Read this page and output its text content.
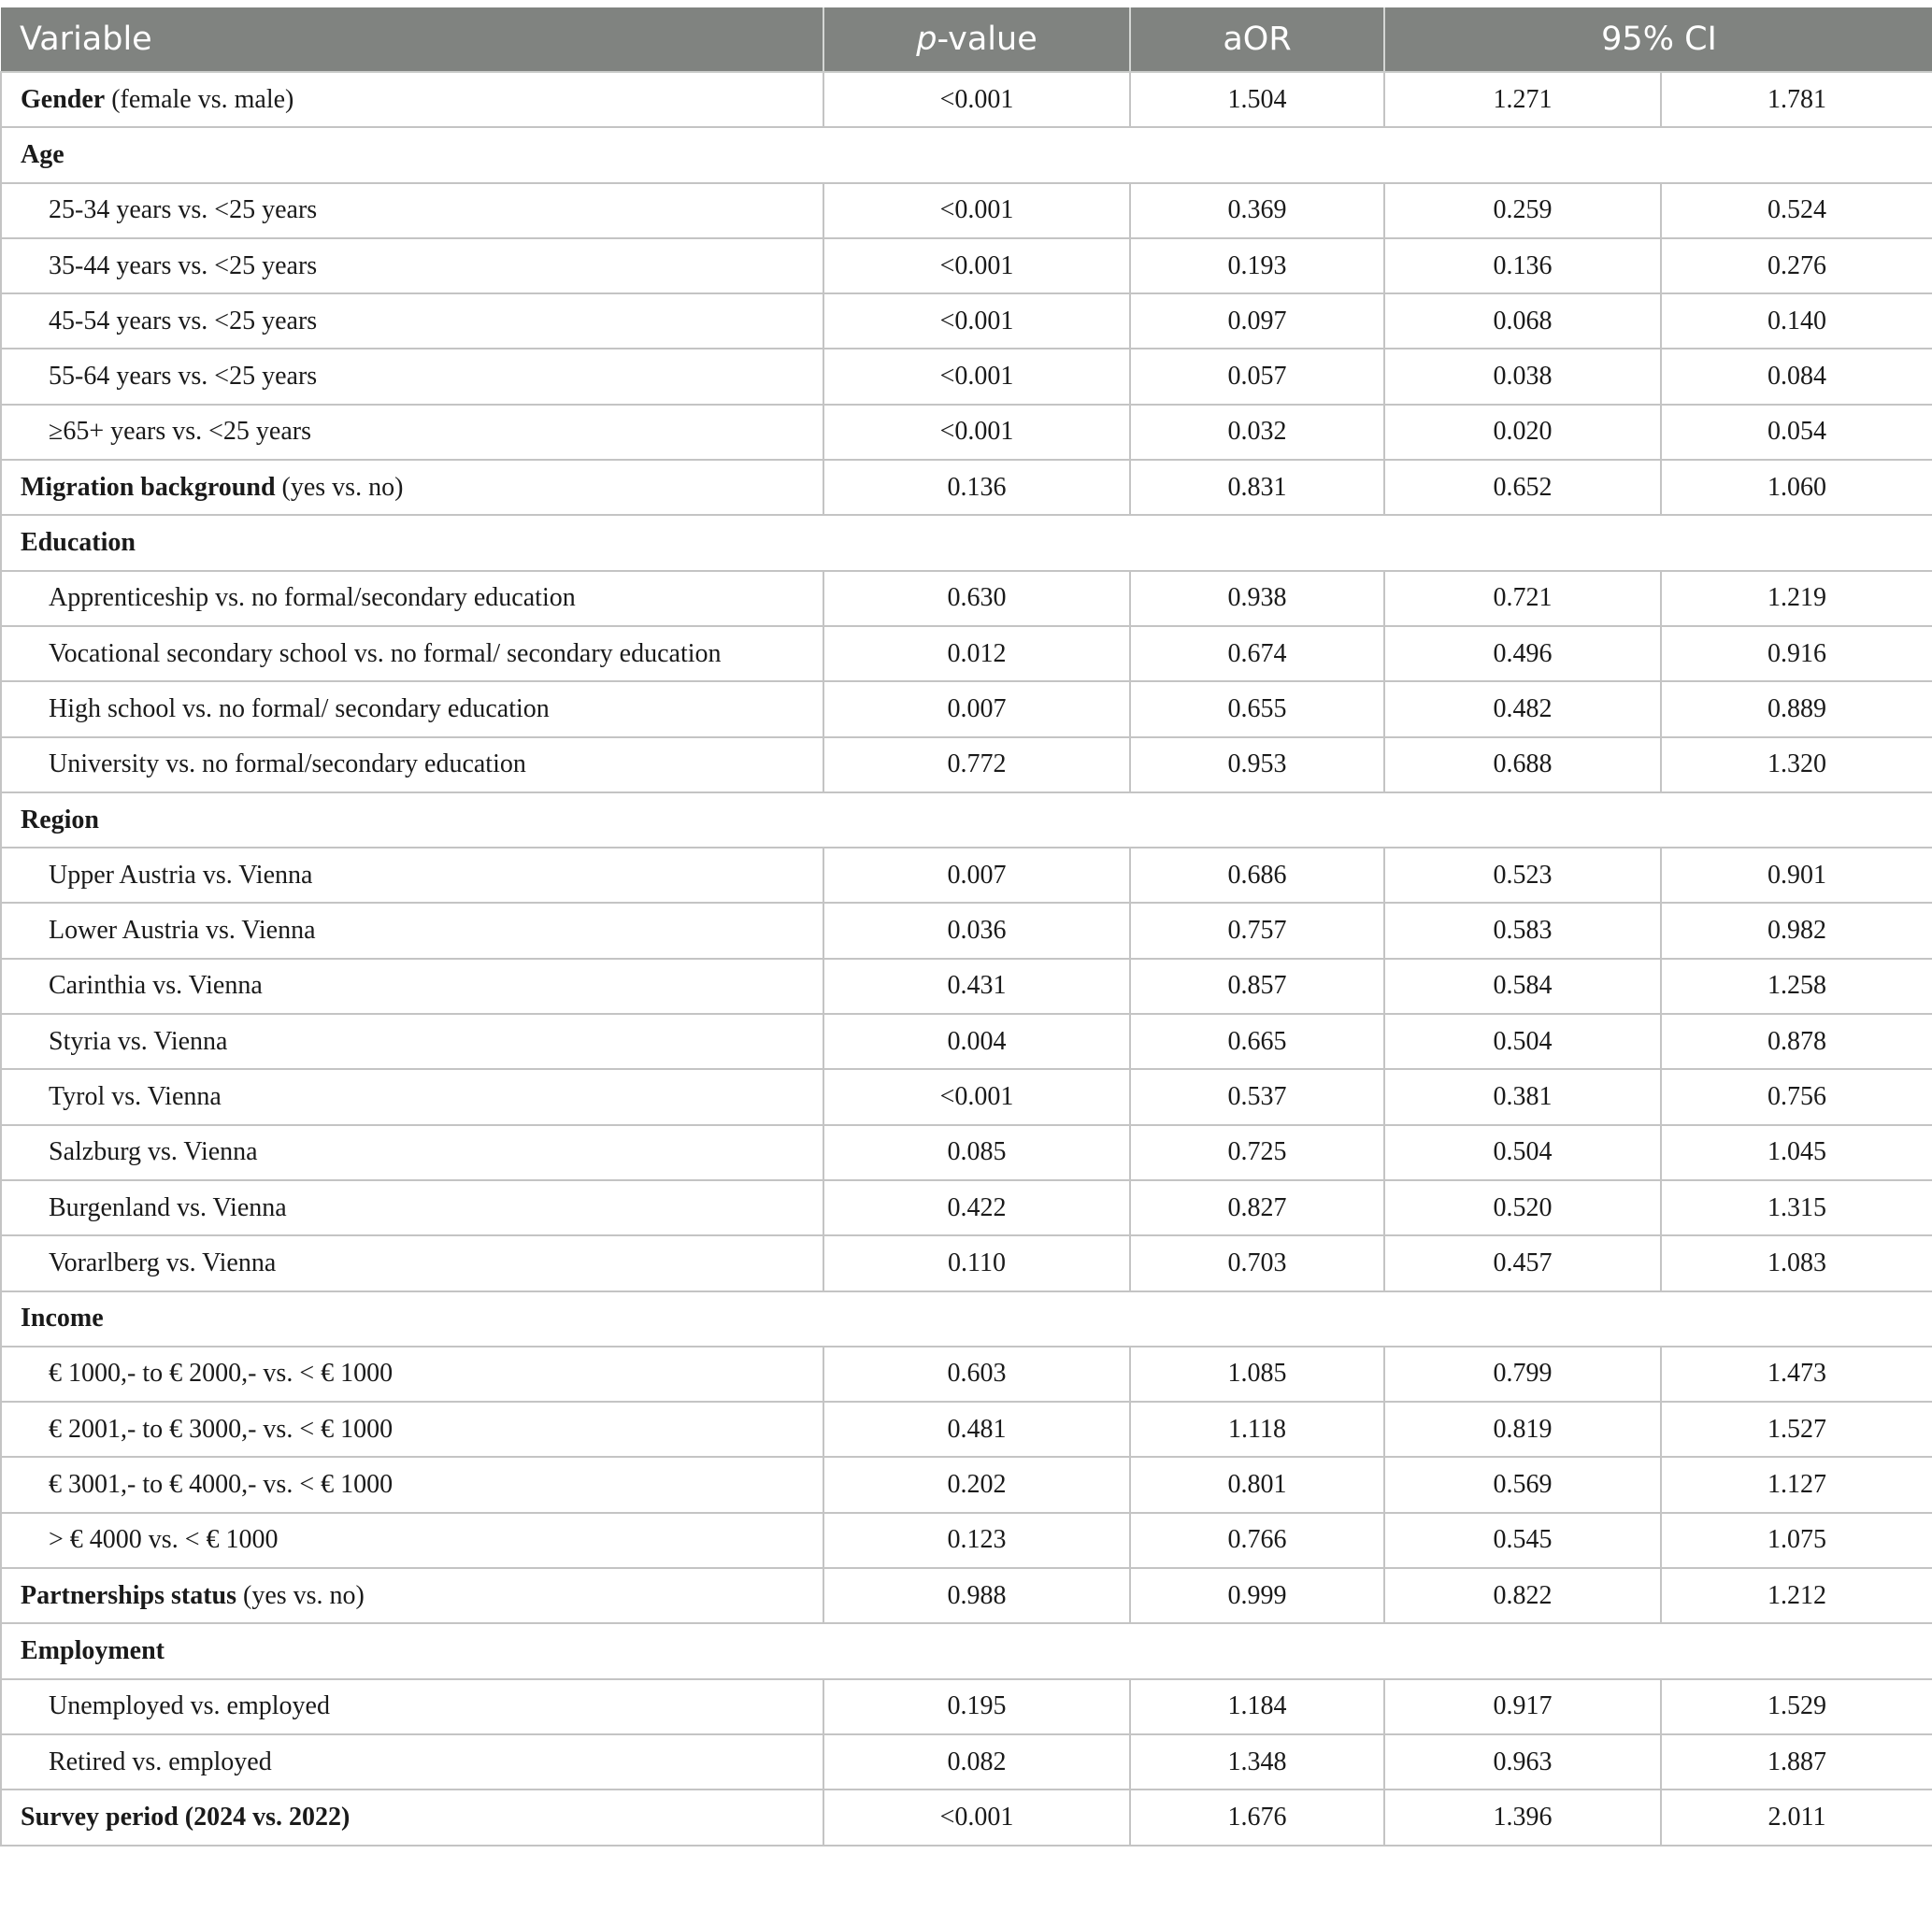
Variable	p-value	aOR	95% CI	
Gender (female vs. male)	<0.001	1.504	1.271	1.781
Age				
25-34 years vs. <25 years	<0.001	0.369	0.259	0.524
35-44 years vs. <25 years	<0.001	0.193	0.136	0.276
45-54 years vs. <25 years	<0.001	0.097	0.068	0.140
55-64 years vs. <25 years	<0.001	0.057	0.038	0.084
≥65+ years vs. <25 years	<0.001	0.032	0.020	0.054
Migration background (yes vs. no)	0.136	0.831	0.652	1.060
Education				
Apprenticeship vs. no formal/secondary education	0.630	0.938	0.721	1.219
Vocational secondary school vs. no formal/ secondary education	0.012	0.674	0.496	0.916
High school vs. no formal/ secondary education	0.007	0.655	0.482	0.889
University vs. no formal/secondary education	0.772	0.953	0.688	1.320
Region				
Upper Austria vs. Vienna	0.007	0.686	0.523	0.901
Lower Austria vs. Vienna	0.036	0.757	0.583	0.982
Carinthia vs. Vienna	0.431	0.857	0.584	1.258
Styria vs. Vienna	0.004	0.665	0.504	0.878
Tyrol vs. Vienna	<0.001	0.537	0.381	0.756
Salzburg vs. Vienna	0.085	0.725	0.504	1.045
Burgenland vs. Vienna	0.422	0.827	0.520	1.315
Vorarlberg vs. Vienna	0.110	0.703	0.457	1.083
Income				
€ 1000,- to € 2000,- vs. < € 1000	0.603	1.085	0.799	1.473
€ 2001,- to € 3000,- vs. < € 1000	0.481	1.118	0.819	1.527
€ 3001,- to € 4000,- vs. < € 1000	0.202	0.801	0.569	1.127
> € 4000 vs. < € 1000	0.123	0.766	0.545	1.075
Partnerships status (yes vs. no)	0.988	0.999	0.822	1.212
Employment				
Unemployed vs. employed	0.195	1.184	0.917	1.529
Retired vs. employed	0.082	1.348	0.963	1.887
Survey period (2024 vs. 2022)	<0.001	1.676	1.396	2.011
